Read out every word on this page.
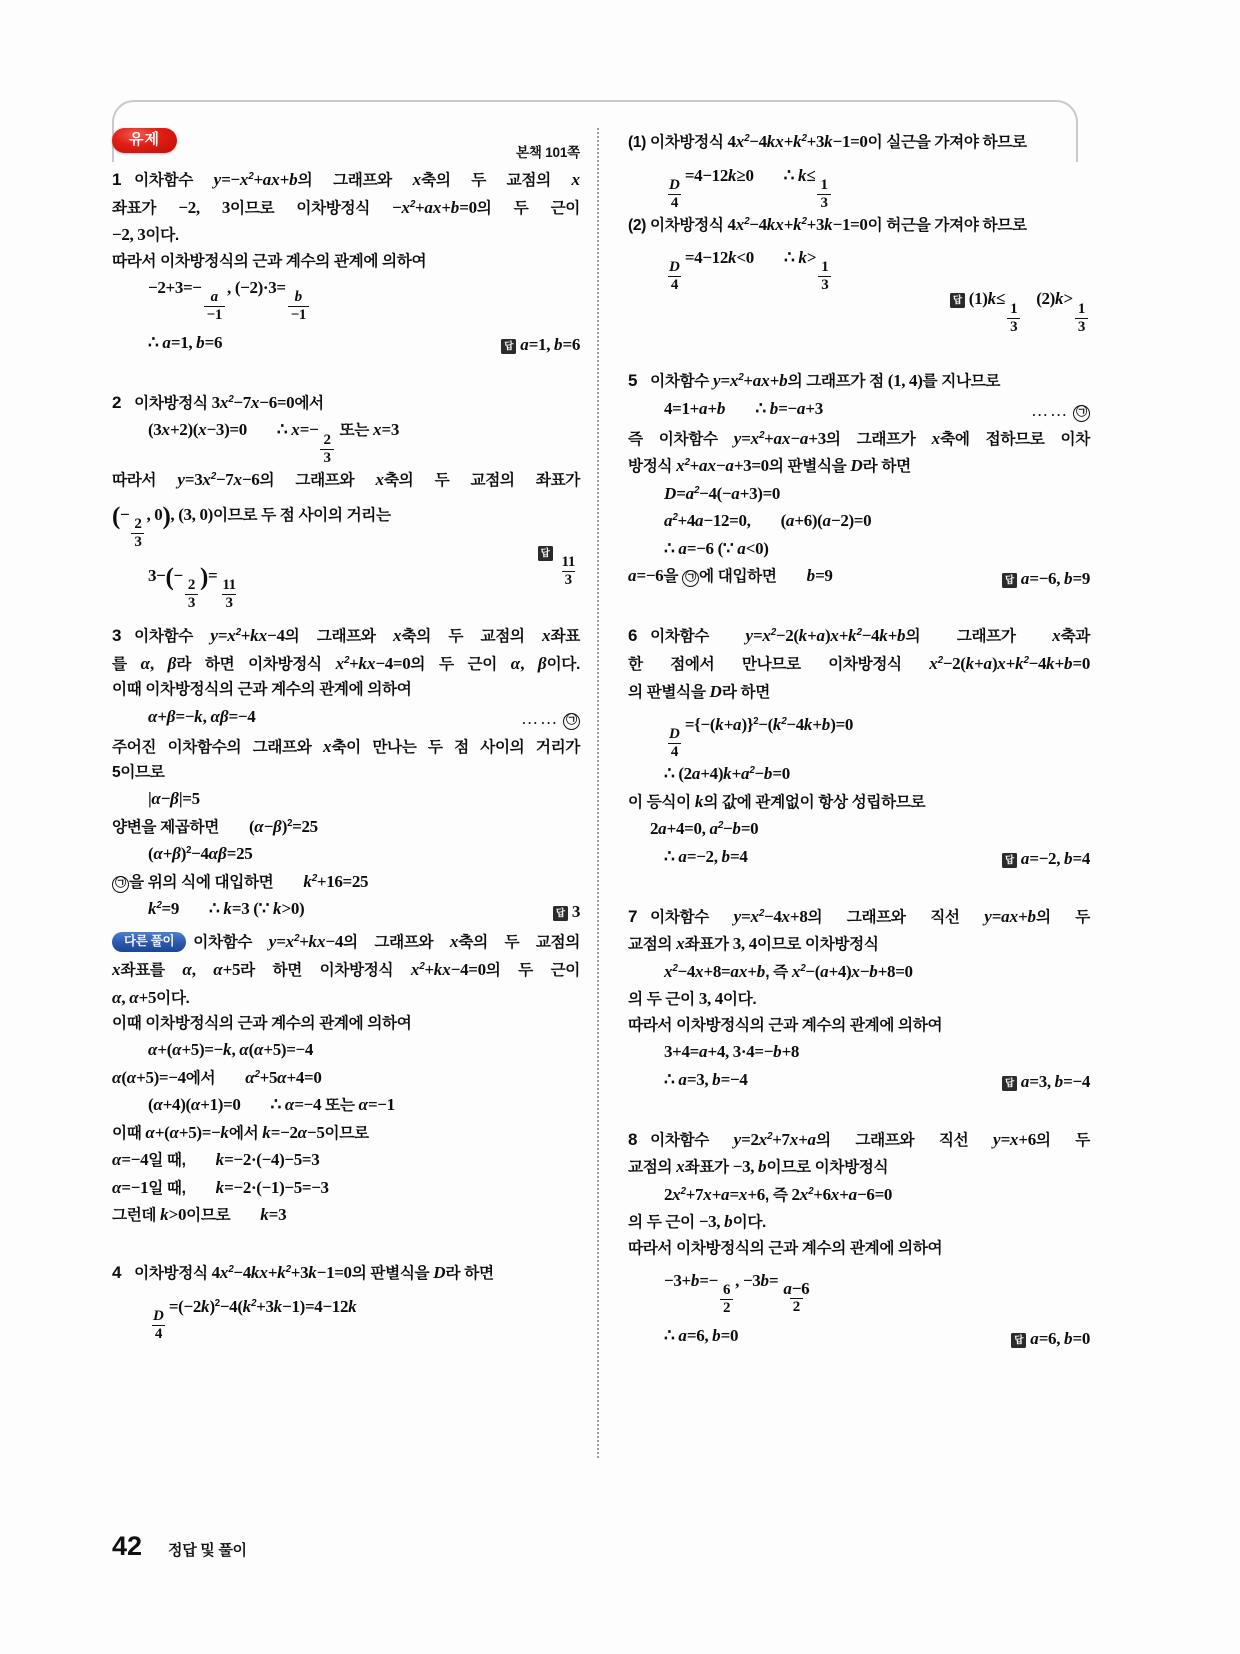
유제
본책 101쪽
1 이차함수 $y=-x^2+ax+b$의 그래프와 x축의 두 교점의 x
좌표가 −2, 3이므로 이차방정식 $-x^2+ax+b=0$의 두 근이
−2, 3이다.
따라서 이차방정식의 근과 계수의 관계에 의하여
−2+3=−
$\frac{a}{-1}$
, (−2)·3=
$\frac{b}{-1}$
∴ a=1, b=6	답 a=1, b=6
2 이차방정식 $3x^2-7x-6=0$에서
(3x+2)(x−3)=0 ∴ x=−
$\frac{2}{3}$
또는 x=3
따라서 $y=3x^2-7x-6$의 그래프와 x축의 두 교점의 좌표가
(−
$\frac{2}{3}$
, 0), (3, 0)이므로 두 점 사이의 거리는
3−(−
$\frac{2}{3}$
)=
$\frac{11}{3}$
답
$\frac{11}{3}$
3 이차함수 $y=x^2+kx-4$의 그래프와 x축의 두 교점의 x좌표
를 α, β라 하면 이차방정식 $x^2+kx-4=0$의 두 근이 α, β이다.
이때 이차방정식의 근과 계수의 관계에 의하여
α+β=−k, αβ=−4	…… ㉠
주어진 이차함수의 그래프와 x축이 만나는 두 점 사이의 거리가
5이므로
|α−β|=5
양변을 제곱하면 $(\alpha-\beta)^2=25$
$(\alpha+\beta)^2-4\alpha\beta=25$
㉠ 을 위의 식에 대입하면 $k^2+16=25$
$k^2=9$ ∴ k=3 (∵ k>0)	답 3
다른 풀이 이차함수 $y=x^2+kx-4$의 그래프와 x축의 두 교점의
x좌표를 α, α+5라 하면 이차방정식 $x^2+kx-4=0$의 두 근이
α, α+5이다.
이때 이차방정식의 근과 계수의 관계에 의하여
α+(α+5)=−k, α(α+5)=−4
α(α+5)=−4에서 $\alpha^2+5\alpha+4=0$
(α+4)(α+1)=0 ∴ α=−4 또는 α=−1
이때 α+(α+5)=−k에서 k=−2α−5이므로
α=−4일 때, k=−2·(−4)−5=3
α=−1일 때, k=−2·(−1)−5=−3
그런데 k>0이므로 k=3
4 이차방정식 $4x^2-4kx+k^2+3k-1=0$의 판별식을 D라 하면
$\frac{D}{4}$
$=(-2k)^2-4(k^2+3k-1)=4-12k$
(1) 이차방정식 $4x^2-4kx+k^2+3k-1=0$이 실근을 가져야 하므로
$\frac{D}{4}$
=4−12k≥0 ∴ k≤
$\frac{1}{3}$
(2) 이차방정식 $4x^2-4kx+k^2+3k-1=0$이 허근을 가져야 하므로
$\frac{D}{4}$
=4−12k<0 ∴ k>
$\frac{1}{3}$
답 (1)k≤
$\frac{1}{3}$
(2)k>
$\frac{1}{3}$
5 이차함수 $y=x^2+ax+b$의 그래프가 점 (1, 4)를 지나므로
4=1+a+b ∴ b=−a+3	…… ㉠
즉 이차함수 $y=x^2+ax-a+3$의 그래프가 x축에 접하므로 이차
방정식 $x^2+ax-a+3=0$의 판별식을 D라 하면
$D=a^2-4(-a+3)=0$
$a^2+4a-12=0$, (a+6)(a−2)=0
∴ a=−6 (∵ a<0)
a=−6을 ㉠ 에 대입하면 b=9	답 a=−6, b=9
6 이차함수 $y=x^2-2(k+a)x+k^2-4k+b$의 그래프가 x축과
한 점에서 만나므로 이차방정식 $x^2-2(k+a)x+k^2-4k+b=0$
의 판별식을 D라 하면
$\frac{D}{4}$
$=\{-(k+a)\}^2-(k^2-4k+b)=0$
∴ $(2a+4)k+a^2-b=0$
이 등식이 k의 값에 관계없이 항상 성립하므로
2a+4=0, $a^2-b=0$
∴ a=−2, b=4	답 a=−2, b=4
7 이차함수 $y=x^2-4x+8$의 그래프와 직선 y=ax+b의 두
교점의 x좌표가 3, 4이므로 이차방정식
$x^2-4x+8=ax+b$, 즉 $x^2-(a+4)x-b+8=0$
의 두 근이 3, 4이다.
따라서 이차방정식의 근과 계수의 관계에 의하여
3+4=a+4, 3·4=−b+8
∴ a=3, b=−4	답 a=3, b=−4
8 이차함수 $y=2x^2+7x+a$의 그래프와 직선 y=x+6의 두
교점의 x좌표가 −3, b이므로 이차방정식
$2x^2+7x+a=x+6$, 즉 $2x^2+6x+a-6=0$
의 두 근이 −3, b이다.
따라서 이차방정식의 근과 계수의 관계에 의하여
−3+b=−
$\frac{6}{2}$
, $-3b= \frac{a-6}{2}$
∴ a=6, b=0	답 a=6, b=0
42 정답 및 풀이
